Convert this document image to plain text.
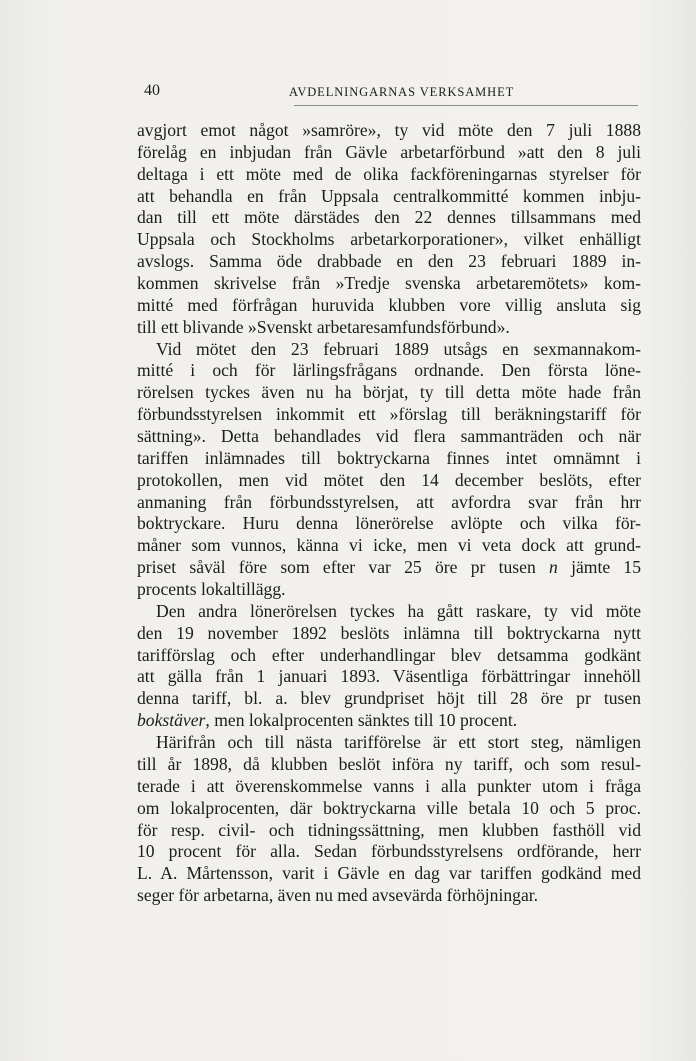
40	AVDELNINGARNAS VERKSAMHET
avgjort emot något »samröre», ty vid möte den 7 juli 1888
förelåg en inbjudan från Gävle arbetarförbund »att den 8 juli
deltaga i ett möte med de olika fackföreningarnas styrelser för
att behandla en från Uppsala centralkommitté kommen inbju-
dan till ett möte därstädes den 22 dennes tillsammans med
Uppsala och Stockholms arbetarkorporationer», vilket enhälligt
avslogs. Samma öde drabbade en den 23 februari 1889 in-
kommen skrivelse från »Tredje svenska arbetaremötets» kom-
mitté med förfrågan huruvida klubben vore villig ansluta sig
till ett blivande »Svenskt arbetaresamfundsförbund».
Vid mötet den 23 februari 1889 utsågs en sexmannakom-
mitté i och för lärlingsfrågans ordnande. Den första löne-
rörelsen tyckes även nu ha börjat, ty till detta möte hade från
förbundsstyrelsen inkommit ett »förslag till beräkningstariff för
sättning». Detta behandlades vid flera sammanträden och när
tariffen inlämnades till boktryckarna finnes intet omnämnt i
protokollen, men vid mötet den 14 december beslöts, efter
anmaning från förbundsstyrelsen, att avfordra svar från hrr
boktryckare. Huru denna lönerörelse avlöpte och vilka för-
måner som vunnos, känna vi icke, men vi veta dock att grund-
priset såväl före som efter var 25 öre pr tusen n jämte 15
procents lokaltillägg.
Den andra lönerörelsen tyckes ha gått raskare, ty vid möte
den 19 november 1892 beslöts inlämna till boktryckarna nytt
tarifförslag och efter underhandlingar blev detsamma godkänt
att gälla från 1 januari 1893. Väsentliga förbättringar innehöll
denna tariff, bl. a. blev grundpriset höjt till 28 öre pr tusen
bokstäver, men lokalprocenten sänktes till 10 procent.
Härifrån och till nästa tarifförelse är ett stort steg, nämligen
till år 1898, då klubben beslöt införa ny tariff, och som resul-
terade i att överenskommelse vanns i alla punkter utom i fråga
om lokalprocenten, där boktryckarna ville betala 10 och 5 proc.
för resp. civil- och tidningssättning, men klubben fasthöll vid
10 procent för alla. Sedan förbundsstyrelsens ordförande, herr
L. A. Mårtensson, varit i Gävle en dag var tariffen godkänd med
seger för arbetarna, även nu med avsevärda förhöjningar.
